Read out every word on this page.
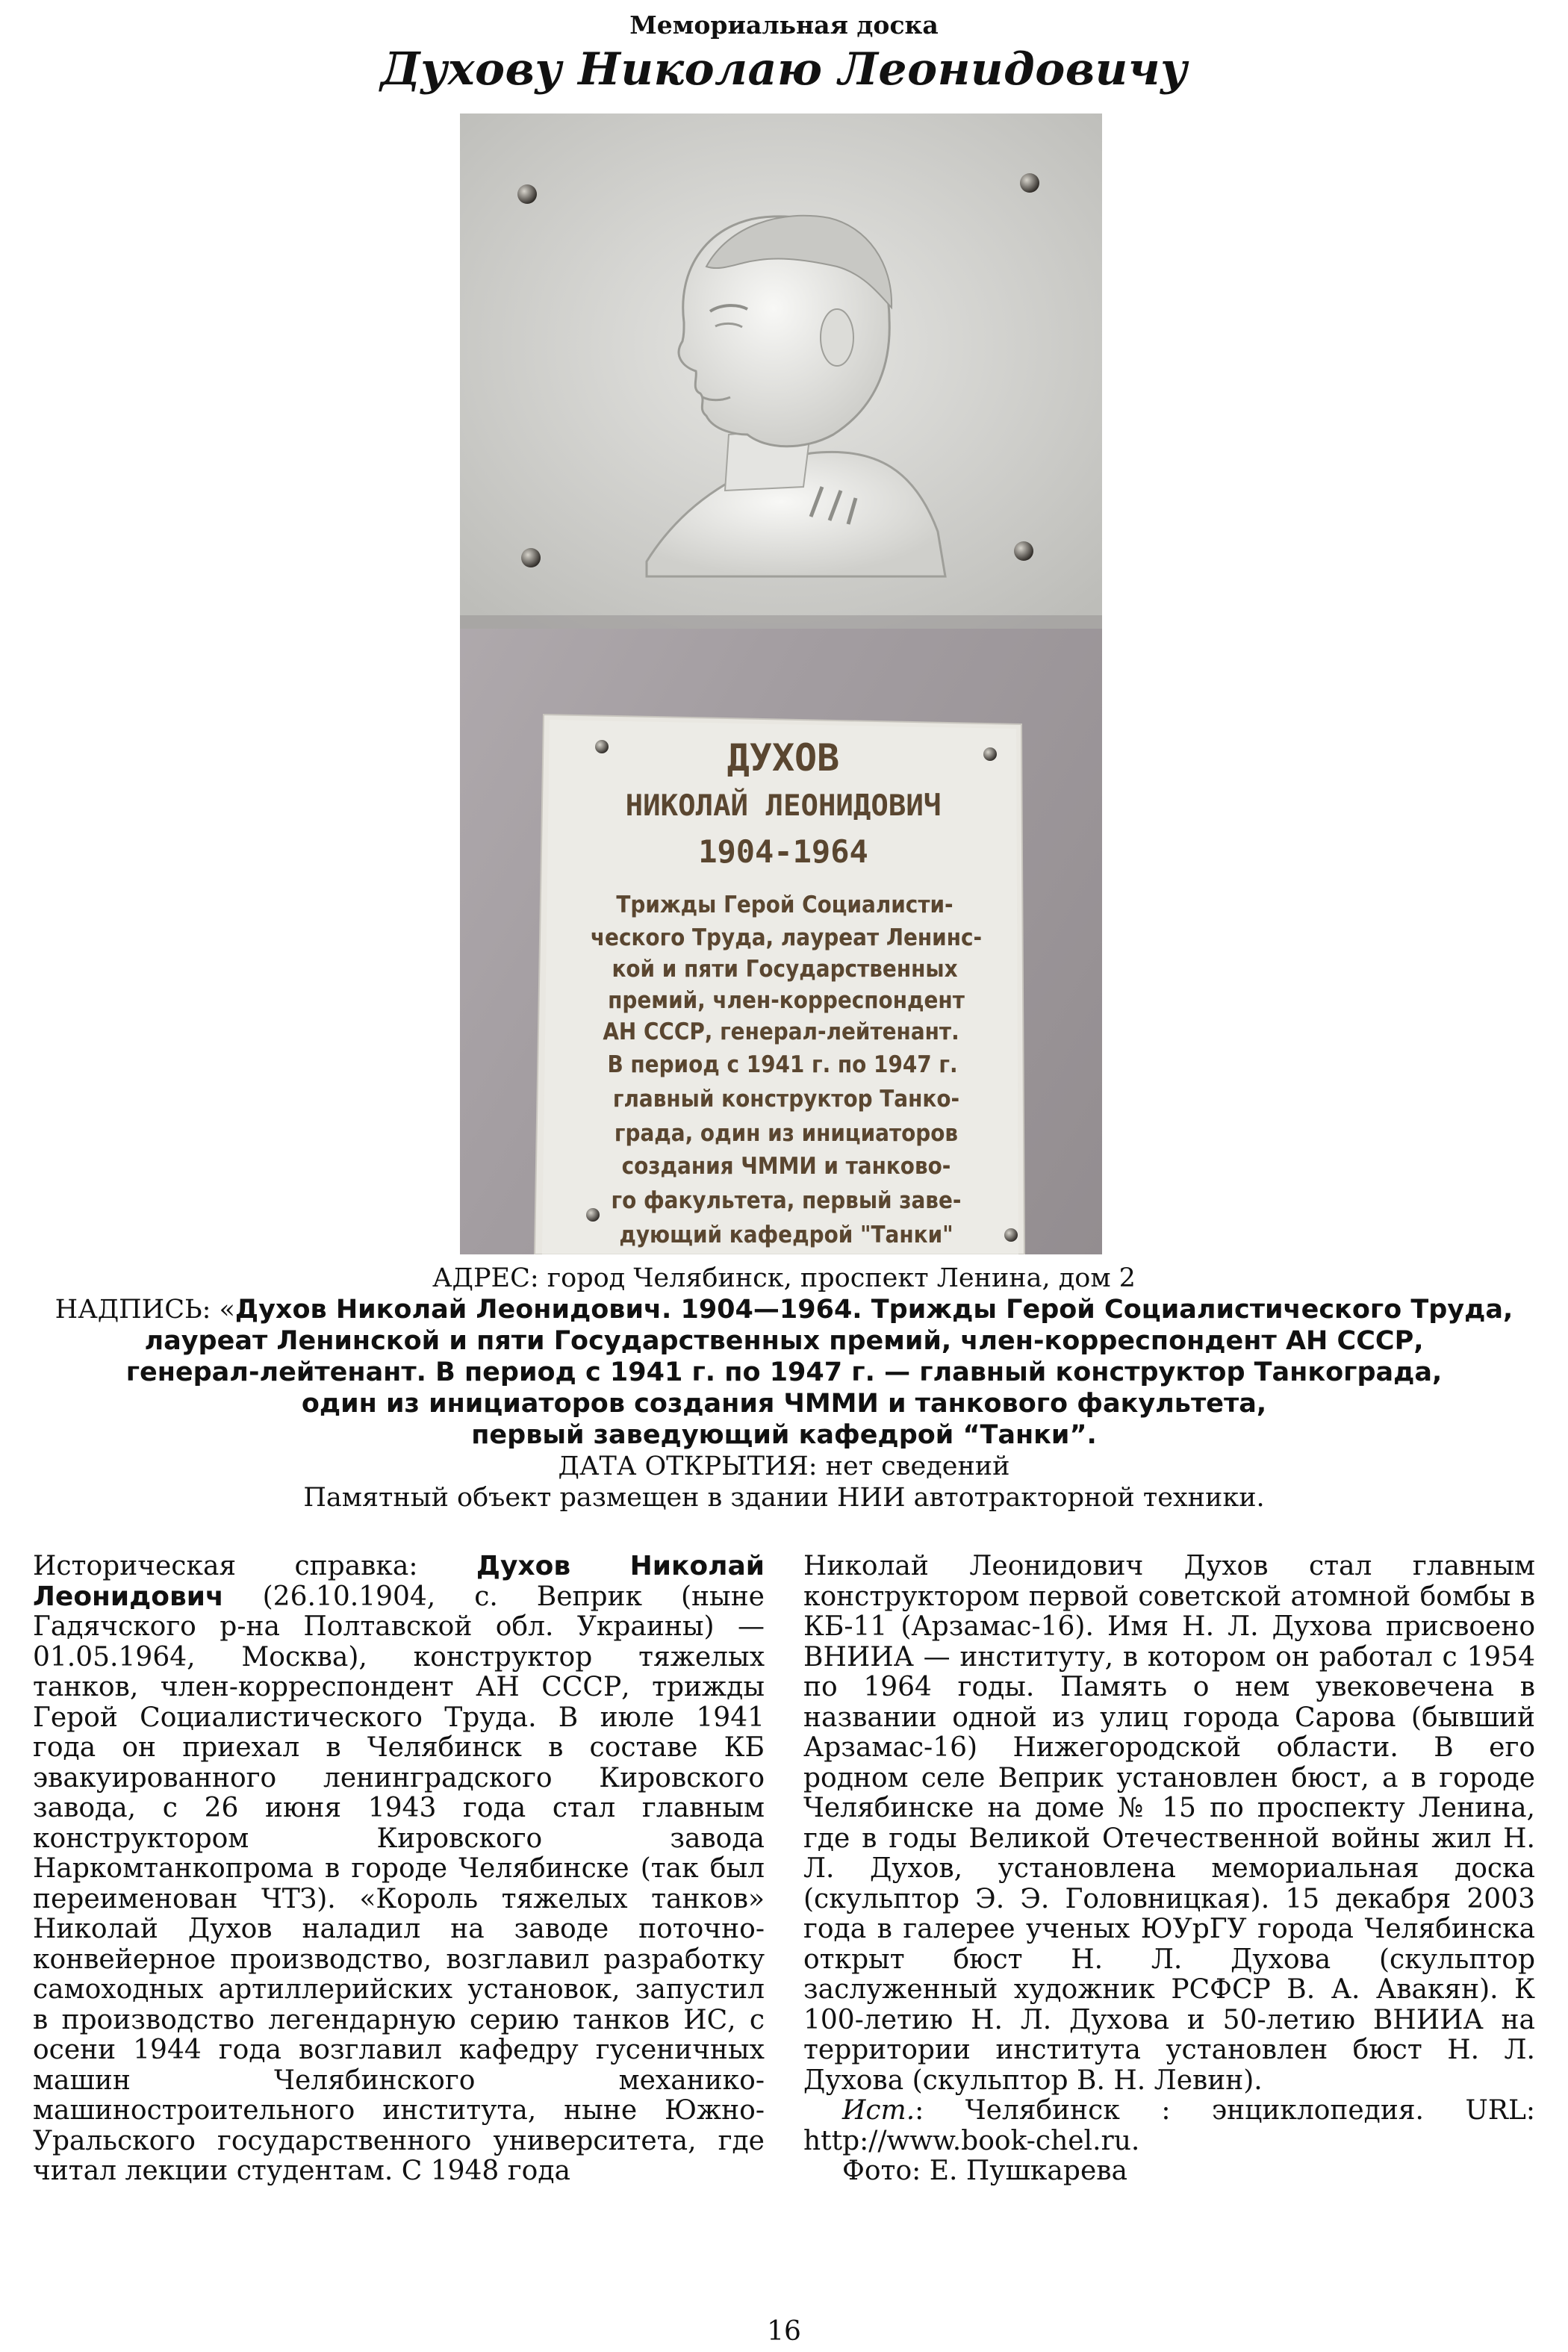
Мемориальная доска
Духову Николаю Леонидовичу
ДУХОВ
НИКОЛАЙ ЛЕОНИДОВИЧ
1904-1964
Трижды Герой Социалисти-
ческого Труда, лауреат Ленинс-
кой и пяти Государственных
премий, член-корреспондент
АН СССР, генерал-лейтенант.
В период с 1941 г. по 1947 г.
главный конструктор Танко-
града, один из инициаторов
создания ЧММИ и танково-
го факультета, первый заве-
дующий кафедрой "Танки"
АДРЕС: город Челябинск, проспект Ленина, дом 2
НАДПИСЬ: «Духов Николай Леонидович. 1904—1964. Трижды Герой Социалистического Труда,
лауреат Ленинской и пяти Государственных премий, член-корреспондент АН СССР,
генерал-лейтенант. В период с 1941 г. по 1947 г. — главный конструктор Танкограда,
один из инициаторов создания ЧММИ и танкового факультета,
первый заведующий кафедрой “Танки”.
ДАТА ОТКРЫТИЯ: нет сведений
Памятный объект размещен в здании НИИ автотракторной техники.

Историческая справка: Духов Николай Леонидович (26.10.1904, с. Веприк (ныне Гадячского р-на Полтавской обл. Украины) — 01.05.1964, Москва), конструктор тяжелых танков, член-корреспондент АН СССР, трижды Герой Социалистического Труда. В июле 1941 года он приехал в Челябинск в составе КБ эвакуированного ленинградского Кировского завода, с 26 июня 1943 года стал главным конструктором Кировского завода Наркомтанкопрома в городе Челябинске (так был переименован ЧТЗ). «Король тяжелых танков» Николай Духов наладил на заводе поточно-конвейерное производство, возглавил разработку самоходных артиллерийских установок, запустил в производство легендарную серию танков ИС, с осени 1944 года возглавил кафедру гусеничных машин Челябинского механико-машиностроительного института, ныне Южно-Уральского государственного университета, где читал лекции студентам. С 1948 года

Николай Леонидович Духов стал главным конструктором первой советской атомной бомбы в КБ-11 (Арзамас-16). Имя Н. Л. Духова присвоено ВНИИА — институту, в котором он работал с 1954 по 1964 годы. Память о нем увековечена в названии одной из улиц города Сарова (бывший Арзамас-16) Нижегородской области. В его родном селе Веприк установлен бюст, а в городе Челябинске на доме № 15 по проспекту Ленина, где в годы Великой Отечественной войны жил Н. Л. Духов, установлена мемориальная доска (скульптор Э. Э. Головницкая). 15 декабря 2003 года в галерее ученых ЮУрГУ города Челябинска открыт бюст Н. Л. Духова (скульптор заслуженный художник РСФСР В. А. Авакян). К 100-летию Н. Л. Духова и 50-летию ВНИИА на территории института установлен бюст Н. Л. Духова (скульптор В. Н. Левин).

Ист.: Челябинск : энциклопедия. URL: http://www.book-chel.ru.

Фото: Е. Пушкарева

16
